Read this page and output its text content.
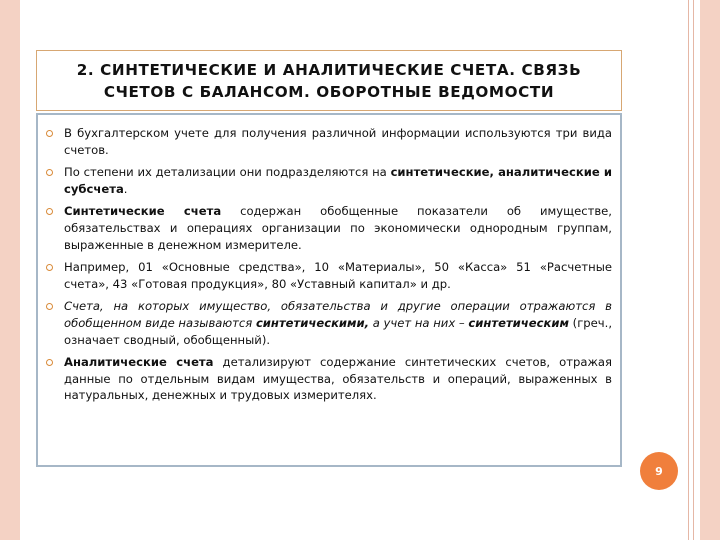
2. СИНТЕТИЧЕСКИЕ И АНАЛИТИЧЕСКИЕ СЧЕТА. СВЯЗЬ СЧЕТОВ С БАЛАНСОМ. ОБОРОТНЫЕ ВЕДОМОСТИ
В бухгалтерском учете для получения различной информации используются три вида счетов.
По степени их детализации они подразделяются на синтетические, аналитические и субсчета.
Синтетические счета содержан обобщенные показатели об имуществе, обязательствах и операциях организации по экономически однородным группам, выраженные в денежном измерителе.
Например, 01 «Основные средства», 10 «Материалы», 50 «Касса» 51 «Расчетные счета», 43 «Готовая продукция», 80 «Уставный капитал» и др.
Счета, на которых имущество, обязательства и другие операции отражаются в обобщенном виде называются синтетическими, а учет на них – синтетическим (греч., означает сводный, обобщенный).
Аналитические счета детализируют содержание синтетических счетов, отражая данные по отдельным видам имущества, обязательств и операций, выраженных в натуральных, денежных и трудовых измерителях.
9
